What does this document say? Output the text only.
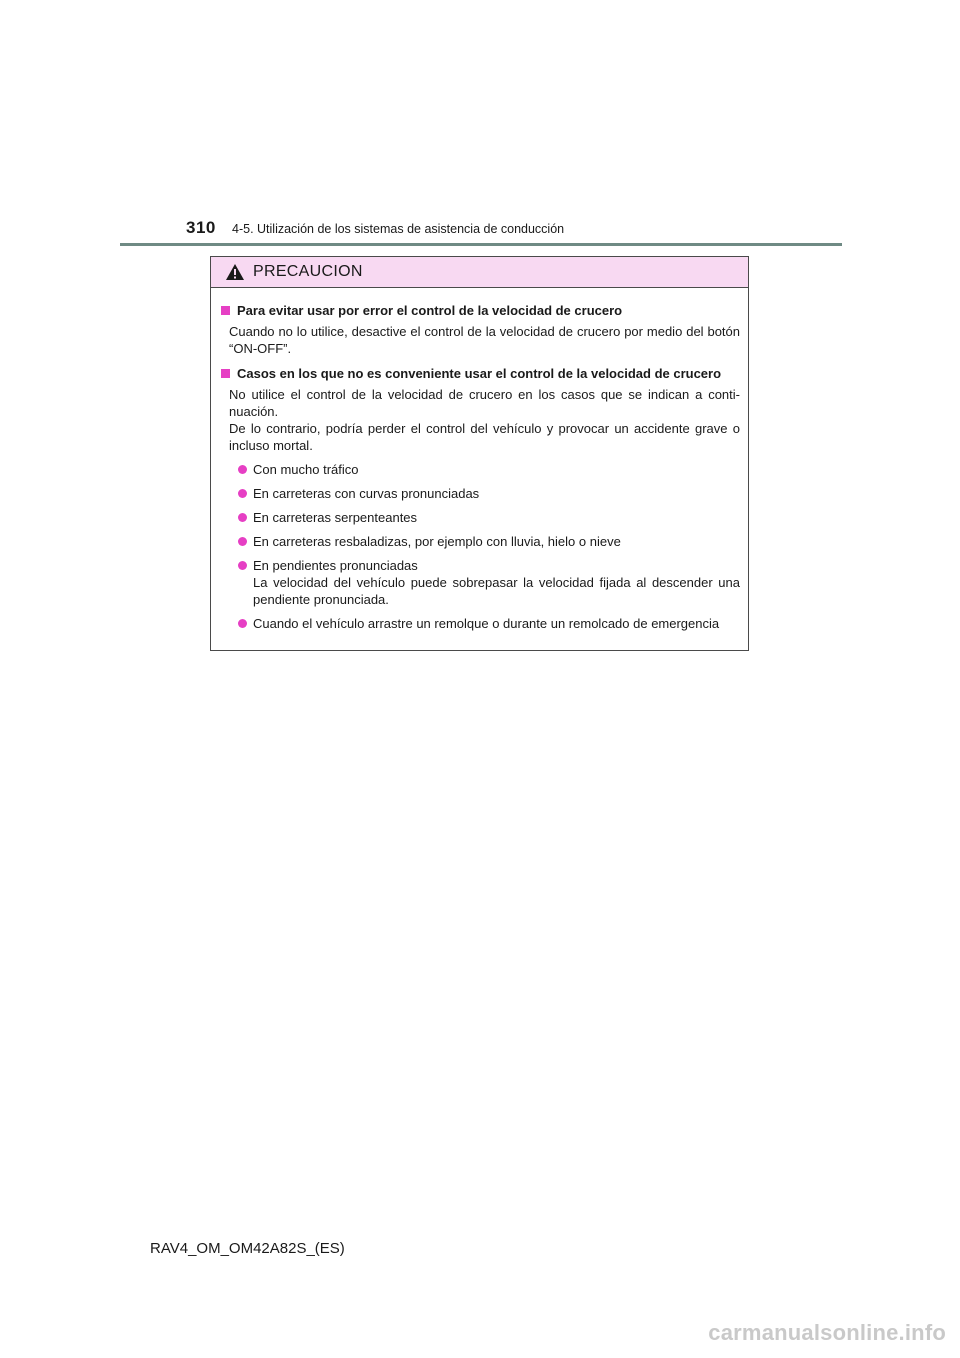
310 4-5. Utilización de los sistemas de asistencia de conducción
PRECAUCION
Para evitar usar por error el control de la velocidad de crucero
Cuando no lo utilice, desactive el control de la velocidad de crucero por medio del botón “ON-OFF”.
Casos en los que no es conveniente usar el control de la velocidad de crucero
No utilice el control de la velocidad de crucero en los casos que se indican a conti-nuación.
De lo contrario, podría perder el control del vehículo y provocar un accidente grave o incluso mortal.
Con mucho tráfico
En carreteras con curvas pronunciadas
En carreteras serpenteantes
En carreteras resbaladizas, por ejemplo con lluvia, hielo o nieve
En pendientes pronunciadas
La velocidad del vehículo puede sobrepasar la velocidad fijada al descender una pendiente pronunciada.
Cuando el vehículo arrastre un remolque o durante un remolcado de emergencia
RAV4_OM_OM42A82S_(ES)
carmanualsonline.info
